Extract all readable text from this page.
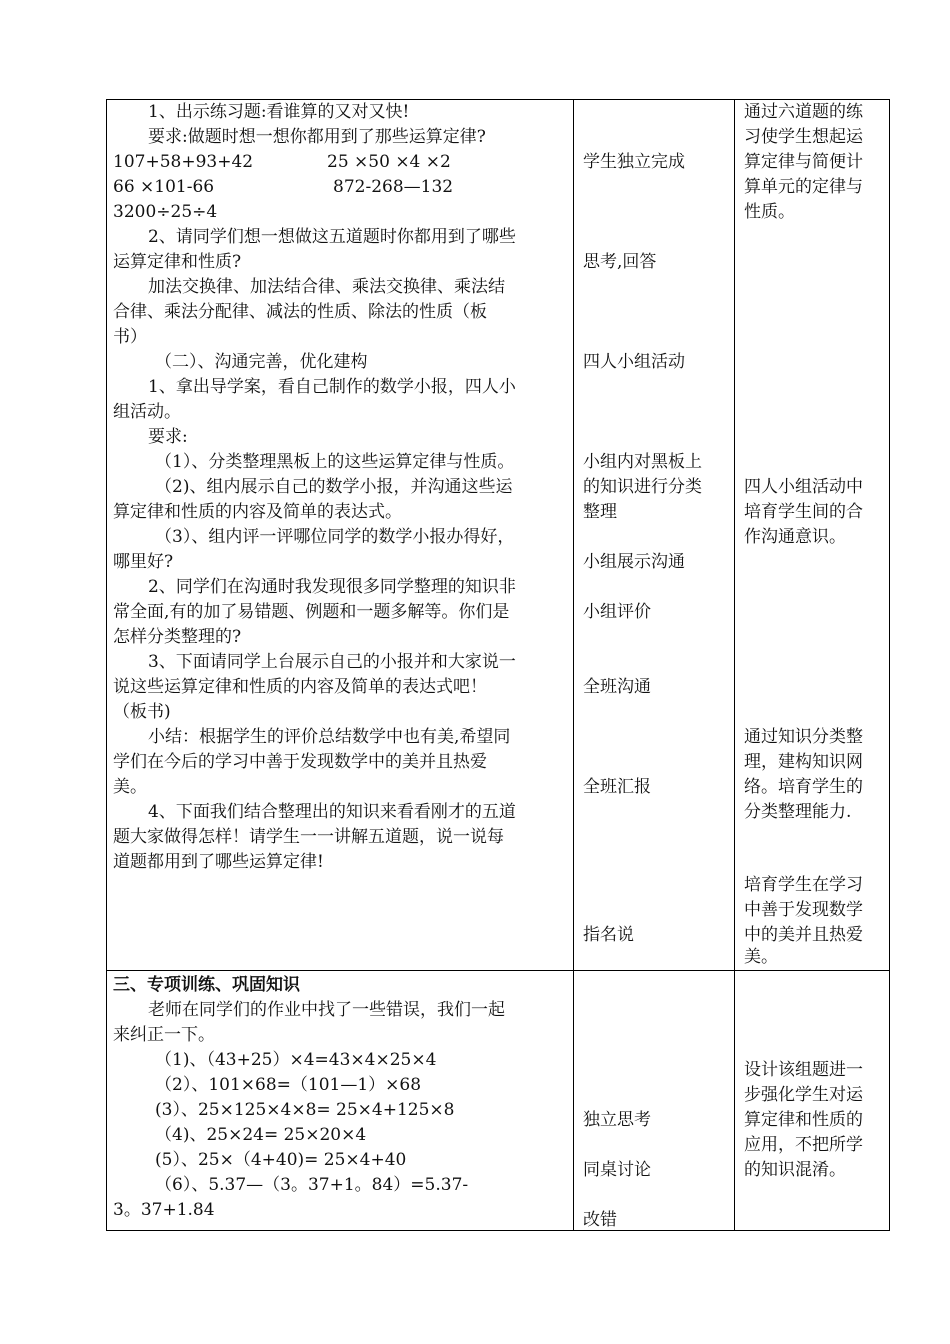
1、出示练习题:看谁算的又对又快!
要求:做题时想一想你都用到了那些运算定律?
107+58+93+42	25 ×50 ×4 ×2
66 ×101-66	872-268—132
3200÷25÷4
2、请同学们想一想做这五道题时你都用到了哪些
运算定律和性质?
加法交换律、加法结合律、乘法交换律、乘法结
合律、乘法分配律、减法的性质、除法的性质（板
书）
（二）、沟通完善，优化建构
1、拿出导学案，看自己制作的数学小报，四人小
组活动。
要求:
（1）、分类整理黑板上的这些运算定律与性质。
（2)、组内展示自己的数学小报，并沟通这些运
算定律和性质的内容及简单的表达式。
（3）、组内评一评哪位同学的数学小报办得好，
哪里好?
2、同学们在沟通时我发现很多同学整理的知识非
常全面,有的加了易错题、例题和一题多解等。你们是
怎样分类整理的?
3、下面请同学上台展示自己的小报并和大家说一
说这些运算定律和性质的内容及简单的表达式吧！
（板书)
小结：根据学生的评价总结数学中也有美,希望同
学们在今后的学习中善于发现数学中的美并且热爱
美。
4、下面我们结合整理出的知识来看看刚才的五道
题大家做得怎样！请学生一一讲解五道题，说一说每
道题都用到了哪些运算定律!
三、专项训练、巩固知识
老师在同学们的作业中找了一些错误，我们一起
来纠正一下。
（1)、（43+25）×4=43×4×25×4
（2）、101×68=（101—1）×68
(3）、25×125×4×8= 25×4+125×8
（4)、25×24= 25×20×4
(5）、25×（4+40)= 25×4+40
（6）、5.37—（3。37+1。84）=5.37-
3。37+1.84
学生独立完成
思考,回答
四人小组活动
小组内对黑板上
的知识进行分类
整理
小组展示沟通
小组评价
全班沟通
全班汇报
指名说
独立思考
同桌讨论
改错
通过六道题的练
习使学生想起运
算定律与简便计
算单元的定律与
性质。
四人小组活动中
培育学生间的合
作沟通意识。
通过知识分类整
理，建构知识网
络。培育学生的
分类整理能力.
培育学生在学习
中善于发现数学
中的美并且热爱
美。
设计该组题进一
步强化学生对运
算定律和性质的
应用，不把所学
的知识混淆。
